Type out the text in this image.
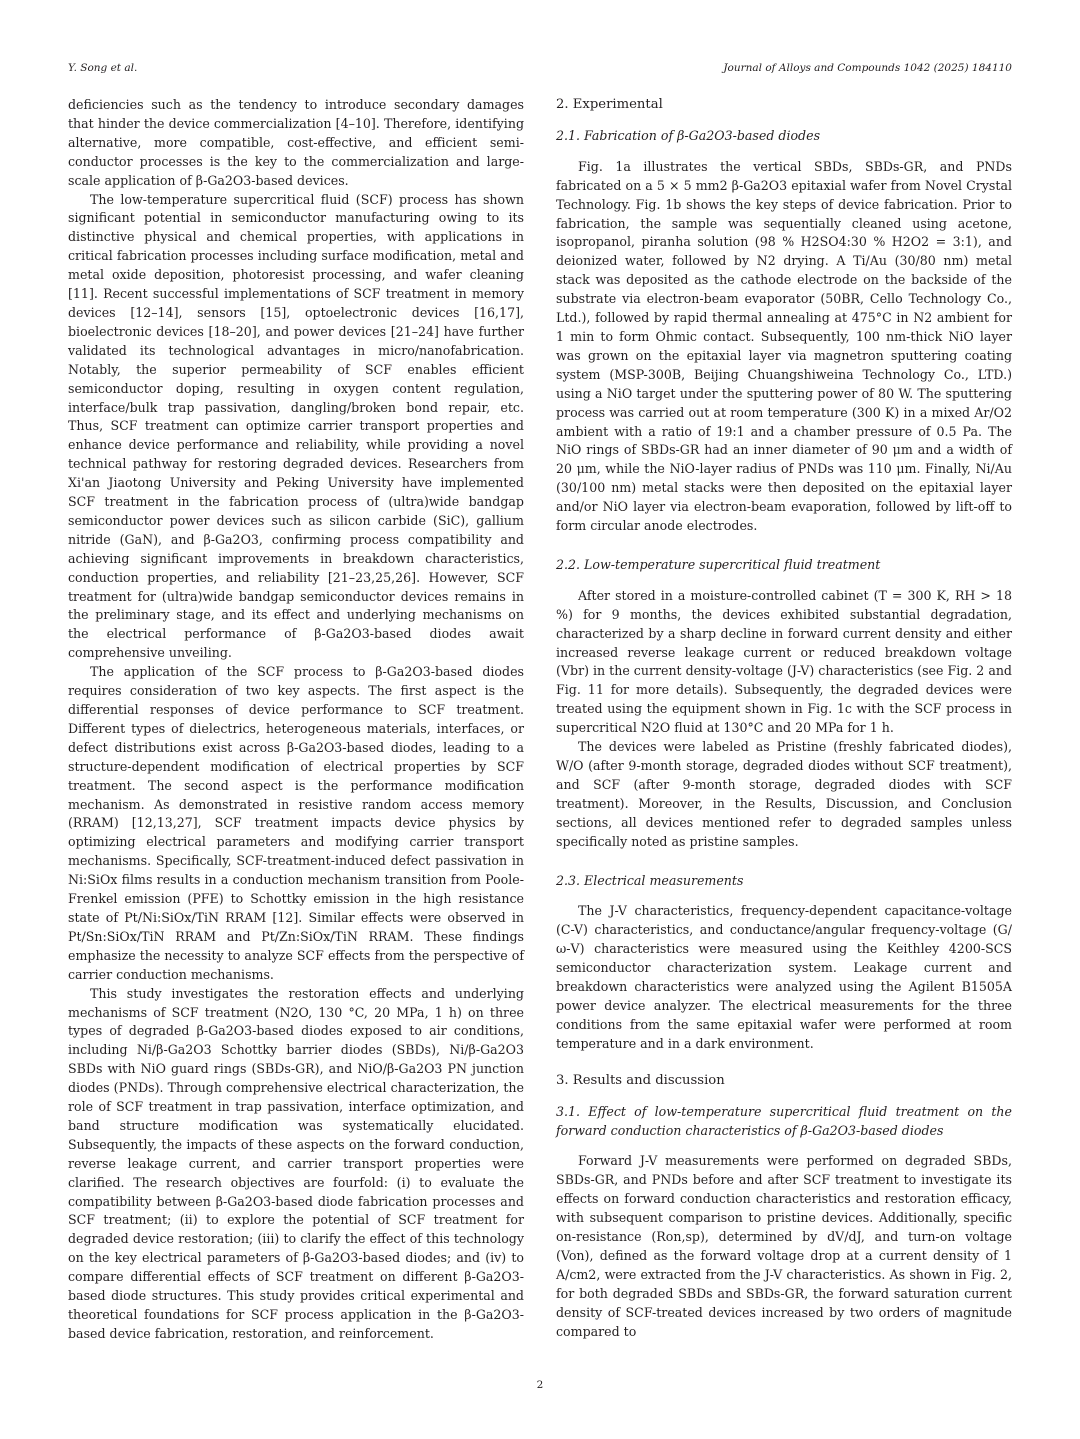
Y. Song et al.	Journal of Alloys and Compounds 1042 (2025) 184110

deficiencies such as the tendency to introduce secondary damages that hinder the device commercialization [4–10]. Therefore, identifying alternative, more compatible, cost-effective, and efficient semi-conductor processes is the key to the commercialization and large-scale application of β-Ga2O3-based devices.

The low-temperature supercritical fluid (SCF) process has shown significant potential in semiconductor manufacturing owing to its distinctive physical and chemical properties, with applications in critical fabrication processes including surface modification, metal and metal oxide deposition, photoresist processing, and wafer cleaning [11]. Recent successful implementations of SCF treatment in memory devices [12–14], sensors [15], optoelectronic devices [16,17], bioelectronic devices [18–20], and power devices [21–24] have further validated its technological advantages in micro/nanofabrication. Notably, the superior permeability of SCF enables efficient semiconductor doping, resulting in oxygen content regulation, interface/bulk trap passivation, dangling/broken bond repair, etc. Thus, SCF treatment can optimize carrier transport properties and enhance device performance and reliability, while providing a novel technical pathway for restoring degraded devices. Researchers from Xi'an Jiaotong University and Peking University have implemented SCF treatment in the fabrication process of (ultra)wide bandgap semiconductor power devices such as silicon carbide (SiC), gallium nitride (GaN), and β-Ga2O3, confirming process compatibility and achieving significant improvements in breakdown characteristics, conduction properties, and reliability [21–23,25,26]. However, SCF treatment for (ultra)wide bandgap semiconductor devices remains in the preliminary stage, and its effect and underlying mechanisms on the electrical performance of β-Ga2O3-based diodes await comprehensive unveiling.

The application of the SCF process to β-Ga2O3-based diodes requires consideration of two key aspects. The first aspect is the differential responses of device performance to SCF treatment. Different types of dielectrics, heterogeneous materials, interfaces, or defect distributions exist across β-Ga2O3-based diodes, leading to a structure-dependent modification of electrical properties by SCF treatment. The second aspect is the performance modification mechanism. As demonstrated in resistive random access memory (RRAM) [12,13,27], SCF treatment impacts device physics by optimizing electrical parameters and modifying carrier transport mechanisms. Specifically, SCF-treatment-induced defect passivation in Ni:SiOx films results in a conduction mechanism transition from Poole-Frenkel emission (PFE) to Schottky emission in the high resistance state of Pt/Ni:SiOx/TiN RRAM [12]. Similar effects were observed in Pt/Sn:SiOx/TiN RRAM and Pt/Zn:SiOx/TiN RRAM. These findings emphasize the necessity to analyze SCF effects from the perspective of carrier conduction mechanisms.

This study investigates the restoration effects and underlying mechanisms of SCF treatment (N2O, 130 °C, 20 MPa, 1 h) on three types of degraded β-Ga2O3-based diodes exposed to air conditions, including Ni/β-Ga2O3 Schottky barrier diodes (SBDs), Ni/β-Ga2O3 SBDs with NiO guard rings (SBDs-GR), and NiO/β-Ga2O3 PN junction diodes (PNDs). Through comprehensive electrical characterization, the role of SCF treatment in trap passivation, interface optimization, and band structure modification was systematically elucidated. Subsequently, the impacts of these aspects on the forward conduction, reverse leakage current, and carrier transport properties were clarified. The research objectives are fourfold: (i) to evaluate the compatibility between β-Ga2O3-based diode fabrication processes and SCF treatment; (ii) to explore the potential of SCF treatment for degraded device restoration; (iii) to clarify the effect of this technology on the key electrical parameters of β-Ga2O3-based diodes; and (iv) to compare differential effects of SCF treatment on different β-Ga2O3-based diode structures. This study provides critical experimental and theoretical foundations for SCF process application in the β-Ga2O3-based device fabrication, restoration, and reinforcement.

2. Experimental

2.1. Fabrication of β-Ga2O3-based diodes

Fig. 1a illustrates the vertical SBDs, SBDs-GR, and PNDs fabricated on a 5 × 5 mm2 β-Ga2O3 epitaxial wafer from Novel Crystal Technology. Fig. 1b shows the key steps of device fabrication. Prior to fabrication, the sample was sequentially cleaned using acetone, isopropanol, piranha solution (98 % H2SO4:30 % H2O2 = 3:1), and deionized water, followed by N2 drying. A Ti/Au (30/80 nm) metal stack was deposited as the cathode electrode on the backside of the substrate via electron-beam evaporator (50BR, Cello Technology Co., Ltd.), followed by rapid thermal annealing at 475°C in N2 ambient for 1 min to form Ohmic contact. Subsequently, 100 nm-thick NiO layer was grown on the epitaxial layer via magnetron sputtering coating system (MSP-300B, Beijing Chuangshiweina Technology Co., LTD.) using a NiO target under the sputtering power of 80 W. The sputtering process was carried out at room temperature (300 K) in a mixed Ar/O2 ambient with a ratio of 19:1 and a chamber pressure of 0.5 Pa. The NiO rings of SBDs-GR had an inner diameter of 90 μm and a width of 20 μm, while the NiO-layer radius of PNDs was 110 μm. Finally, Ni/Au (30/100 nm) metal stacks were then deposited on the epitaxial layer and/or NiO layer via electron-beam evaporation, followed by lift-off to form circular anode electrodes.

2.2. Low-temperature supercritical fluid treatment

After stored in a moisture-controlled cabinet (T = 300 K, RH > 18 %) for 9 months, the devices exhibited substantial degradation, characterized by a sharp decline in forward current density and either increased reverse leakage current or reduced breakdown voltage (Vbr) in the current density-voltage (J-V) characteristics (see Fig. 2 and Fig. 11 for more details). Subsequently, the degraded devices were treated using the equipment shown in Fig. 1c with the SCF process in supercritical N2O fluid at 130°C and 20 MPa for 1 h.

The devices were labeled as Pristine (freshly fabricated diodes), W/O (after 9-month storage, degraded diodes without SCF treatment), and SCF (after 9-month storage, degraded diodes with SCF treatment). Moreover, in the Results, Discussion, and Conclusion sections, all devices mentioned refer to degraded samples unless specifically noted as pristine samples.

2.3. Electrical measurements

The J-V characteristics, frequency-dependent capacitance-voltage (C-V) characteristics, and conductance/angular frequency-voltage (G/ω-V) characteristics were measured using the Keithley 4200-SCS semiconductor characterization system. Leakage current and breakdown characteristics were analyzed using the Agilent B1505A power device analyzer. The electrical measurements for the three conditions from the same epitaxial wafer were performed at room temperature and in a dark environment.

3. Results and discussion

3.1. Effect of low-temperature supercritical fluid treatment on the forward conduction characteristics of β-Ga2O3-based diodes

Forward J-V measurements were performed on degraded SBDs, SBDs-GR, and PNDs before and after SCF treatment to investigate its effects on forward conduction characteristics and restoration efficacy, with subsequent comparison to pristine devices. Additionally, specific on-resistance (Ron,sp), determined by dV/dJ, and turn-on voltage (Von), defined as the forward voltage drop at a current density of 1 A/cm2, were extracted from the J-V characteristics. As shown in Fig. 2, for both degraded SBDs and SBDs-GR, the forward saturation current density of SCF-treated devices increased by two orders of magnitude compared to

2
